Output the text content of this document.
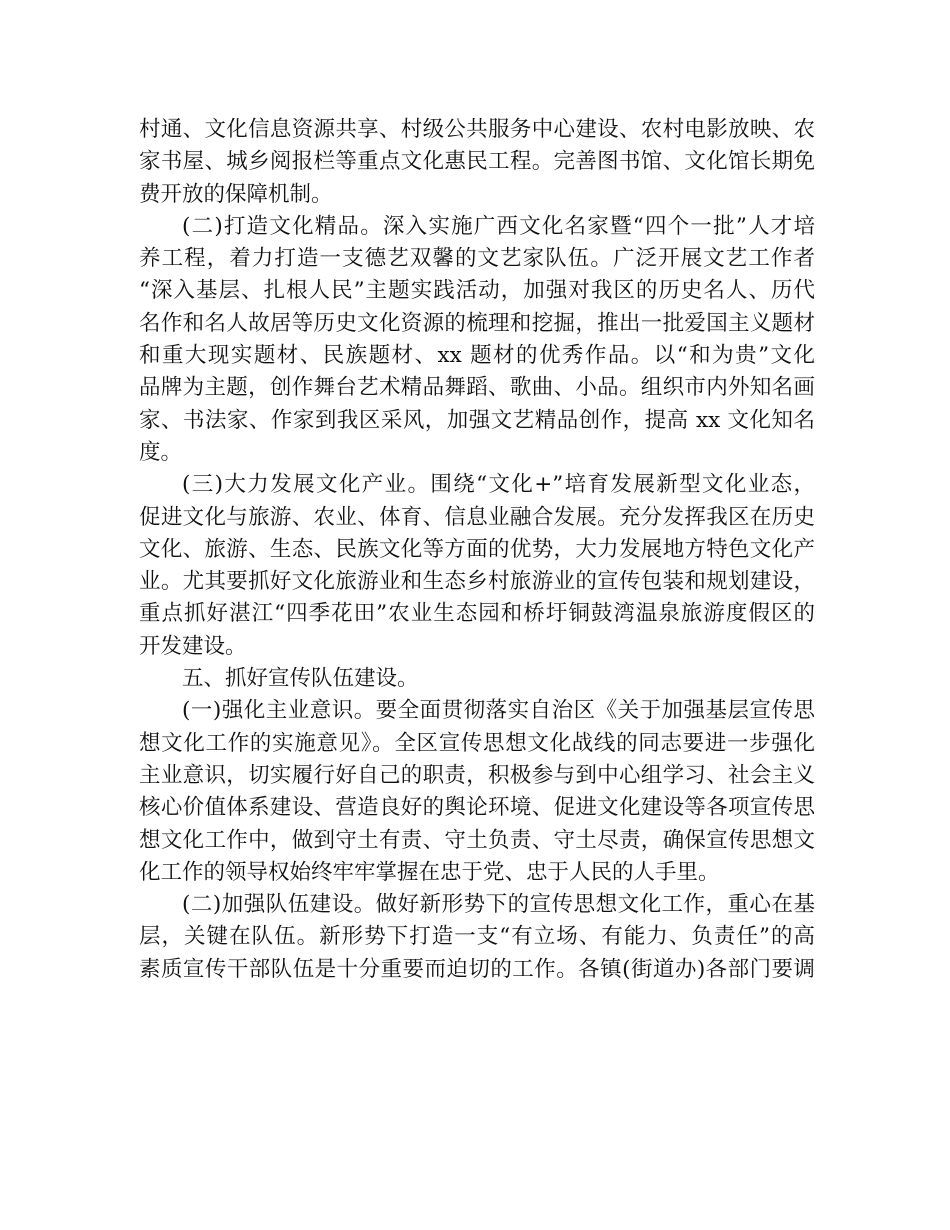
村通、文化信息资源共享、村级公共服务中心建设、农村电影放映、农
家书屋、城乡阅报栏等重点文化惠民工程。完善图书馆、文化馆长期免
费开放的保障机制。
(二)打造文化精品。深入实施广西文化名家暨“四个一批”人才培
养工程，着力打造一支德艺双馨的文艺家队伍。广泛开展文艺工作者
“深入基层、扎根人民”主题实践活动，加强对我区的历史名人、历代
名作和名人故居等历史文化资源的梳理和挖掘，推出一批爱国主义题材
和重大现实题材、民族题材、xx 题材的优秀作品。以“和为贵”文化
品牌为主题，创作舞台艺术精品舞蹈、歌曲、小品。组织市内外知名画
家、书法家、作家到我区采风，加强文艺精品创作，提高 xx 文化知名
度。
(三)大力发展文化产业。围绕“文化+”培育发展新型文化业态，
促进文化与旅游、农业、体育、信息业融合发展。充分发挥我区在历史
文化、旅游、生态、民族文化等方面的优势，大力发展地方特色文化产
业。尤其要抓好文化旅游业和生态乡村旅游业的宣传包装和规划建设，
重点抓好湛江“四季花田”农业生态园和桥圩铜鼓湾温泉旅游度假区的
开发建设。
五、抓好宣传队伍建设。
(一)强化主业意识。要全面贯彻落实自治区《关于加强基层宣传思
想文化工作的实施意见》。全区宣传思想文化战线的同志要进一步强化
主业意识，切实履行好自己的职责，积极参与到中心组学习、社会主义
核心价值体系建设、营造良好的舆论环境、促进文化建设等各项宣传思
想文化工作中，做到守土有责、守土负责、守土尽责，确保宣传思想文
化工作的领导权始终牢牢掌握在忠于党、忠于人民的人手里。
(二)加强队伍建设。做好新形势下的宣传思想文化工作，重心在基
层，关键在队伍。新形势下打造一支“有立场、有能力、负责任”的高
素质宣传干部队伍是十分重要而迫切的工作。各镇(街道办)各部门要调
